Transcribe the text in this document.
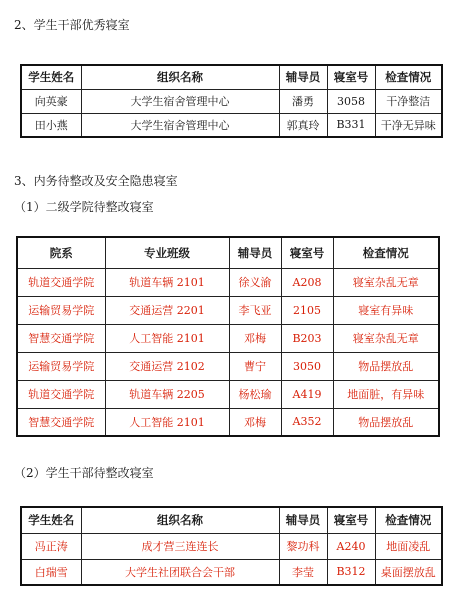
2、学生干部优秀寝室
学生姓名	组织名称	辅导员	寝室号	检查情况
向英豪	大学生宿舍管理中心	潘勇	3058	干净整洁
田小燕	大学生宿舍管理中心	郭真玲	B331	干净无异味
3、内务待整改及安全隐患寝室
（1）二级学院待整改寝室
院系	专业班级	辅导员	寝室号	检查情况
轨道交通学院	轨道车辆 2101	徐义渝	A208	寝室杂乱无章
运输贸易学院	交通运营 2201	李飞亚	2105	寝室有异味
智慧交通学院	人工智能 2101	邓梅	B203	寝室杂乱无章
运输贸易学院	交通运营 2102	曹宁	3050	物品摆放乱
轨道交通学院	轨道车辆 2205	杨松瑜	A419	地面脏，有异味
智慧交通学院	人工智能 2101	邓梅	A352	物品摆放乱
（2）学生干部待整改寝室
学生姓名	组织名称	辅导员	寝室号	检查情况
冯正涛	成才营三连连长	黎功科	A240	地面凌乱
白瑞雪	大学生社团联合会干部	李莹	B312	桌面摆放乱
